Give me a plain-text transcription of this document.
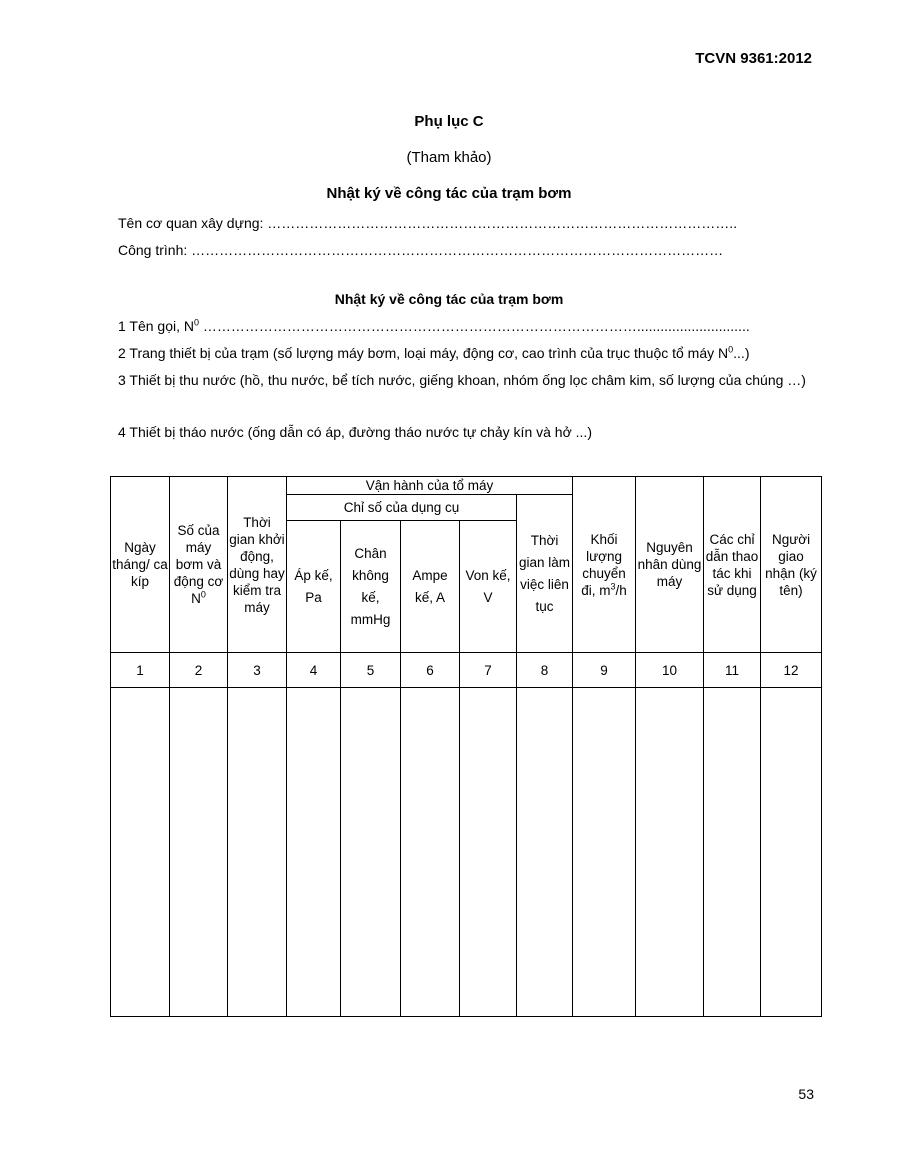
TCVN 9361:2012
Phụ lục C
(Tham khảo)
Nhật ký về công tác của trạm bơm
Tên cơ quan xây dựng: ………………………………………………………………………………………..
Công trình: ……………………………………………………………………………………………………
Nhật ký về công tác của trạm bơm
1 Tên gọi, $N^0$ ………………………………………………………………………………….............................
2 Trang thiết bị của trạm (số lượng máy bơm, loại máy, động cơ, cao trình của trục thuộc tổ máy $N^0$...)
3 Thiết bị thu nước (hồ, thu nước, bể tích nước, giếng khoan, nhóm ống lọc châm kim, số lượng của chúng …)
4 Thiết bị tháo nước (ống dẫn có áp, đường tháo nước tự chảy kín và hở ...)
Ngày tháng/ ca kíp	Số của máy bơm và động cơ $N^0$	Thời gian khởi động, dùng hay kiểm tra máy	Vận hành của tổ máy					Khối lượng chuyển đi, $m^3/h$	Nguyên nhân dùng máy	Các chỉ dẫn thao tác khi sử dụng	Người giao nhận (ký tên)
			Chỉ số của dụng cụ				Thời gian làm việc liên tục				
			Áp kế, Pa	Chân không kế, mmHg	Ampe kế, A	Von kế, V					
1	2	3	4	5	6	7	8	9	10	11	12

53
